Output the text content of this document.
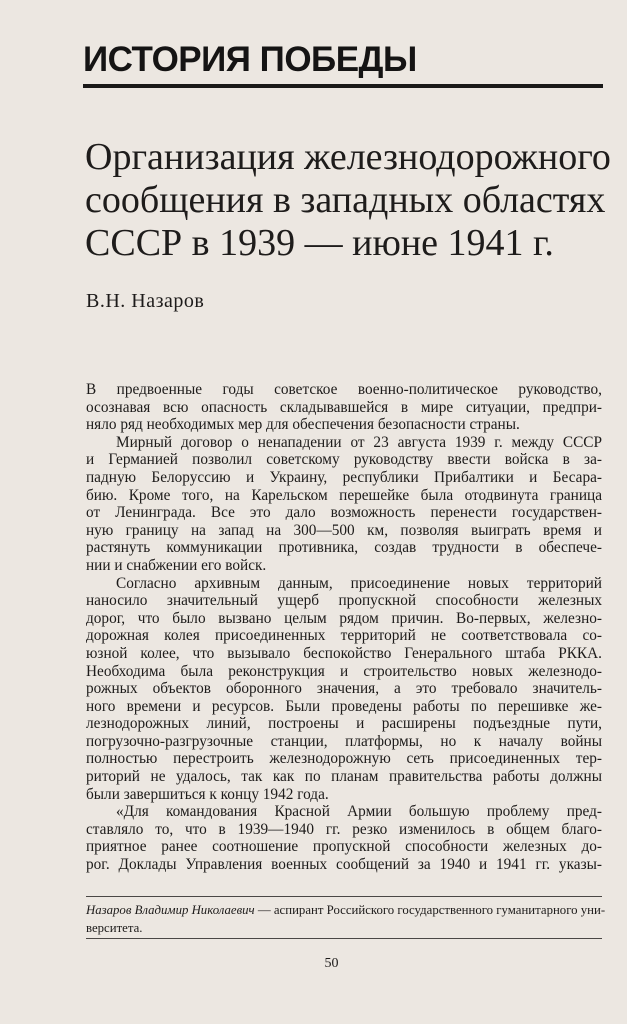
ИСТОРИЯ ПОБЕДЫ
Организация железнодорожного
сообщения в западных областях
СССР в 1939 — июне 1941 г.
В.Н. Назаров
В предвоенные годы советское военно-политическое руководство,
осознавая всю опасность складывавшейся в мире ситуации, предпри-
няло ряд необходимых мер для обеспечения безопасности страны.
Мирный договор о ненападении от 23 августа 1939 г. между СССР
и Германией позволил советскому руководству ввести войска в за-
падную Белоруссию и Украину, республики Прибалтики и Бесара-
бию. Кроме того, на Карельском перешейке была отодвинута граница
от Ленинграда. Все это дало возможность перенести государствен-
ную границу на запад на 300—500 км, позволяя выиграть время и
растянуть коммуникации противника, создав трудности в обеспече-
нии и снабжении его войск.
Согласно архивным данным, присоединение новых территорий
наносило значительный ущерб пропускной способности железных
дорог, что было вызвано целым рядом причин. Во-первых, железно-
дорожная колея присоединенных территорий не соответствовала со-
юзной колее, что вызывало беспокойство Генерального штаба РККА.
Необходима была реконструкция и строительство новых железнодо-
рожных объектов оборонного значения, а это требовало значитель-
ного времени и ресурсов. Были проведены работы по перешивке же-
лезнодорожных линий, построены и расширены подъездные пути,
погрузочно-разгрузочные станции, платформы, но к началу войны
полностью перестроить железнодорожную сеть присоединенных тер-
риторий не удалось, так как по планам правительства работы должны
были завершиться к концу 1942 года.
«Для командования Красной Армии большую проблему пред-
ставляло то, что в 1939—1940 гг. резко изменилось в общем благо-
приятное ранее соотношение пропускной способности железных до-
рог. Доклады Управления военных сообщений за 1940 и 1941 гг. указы-
Назаров Владимир Николаевич — аспирант Российского государственного гуманитарного уни-
верситета.
50
